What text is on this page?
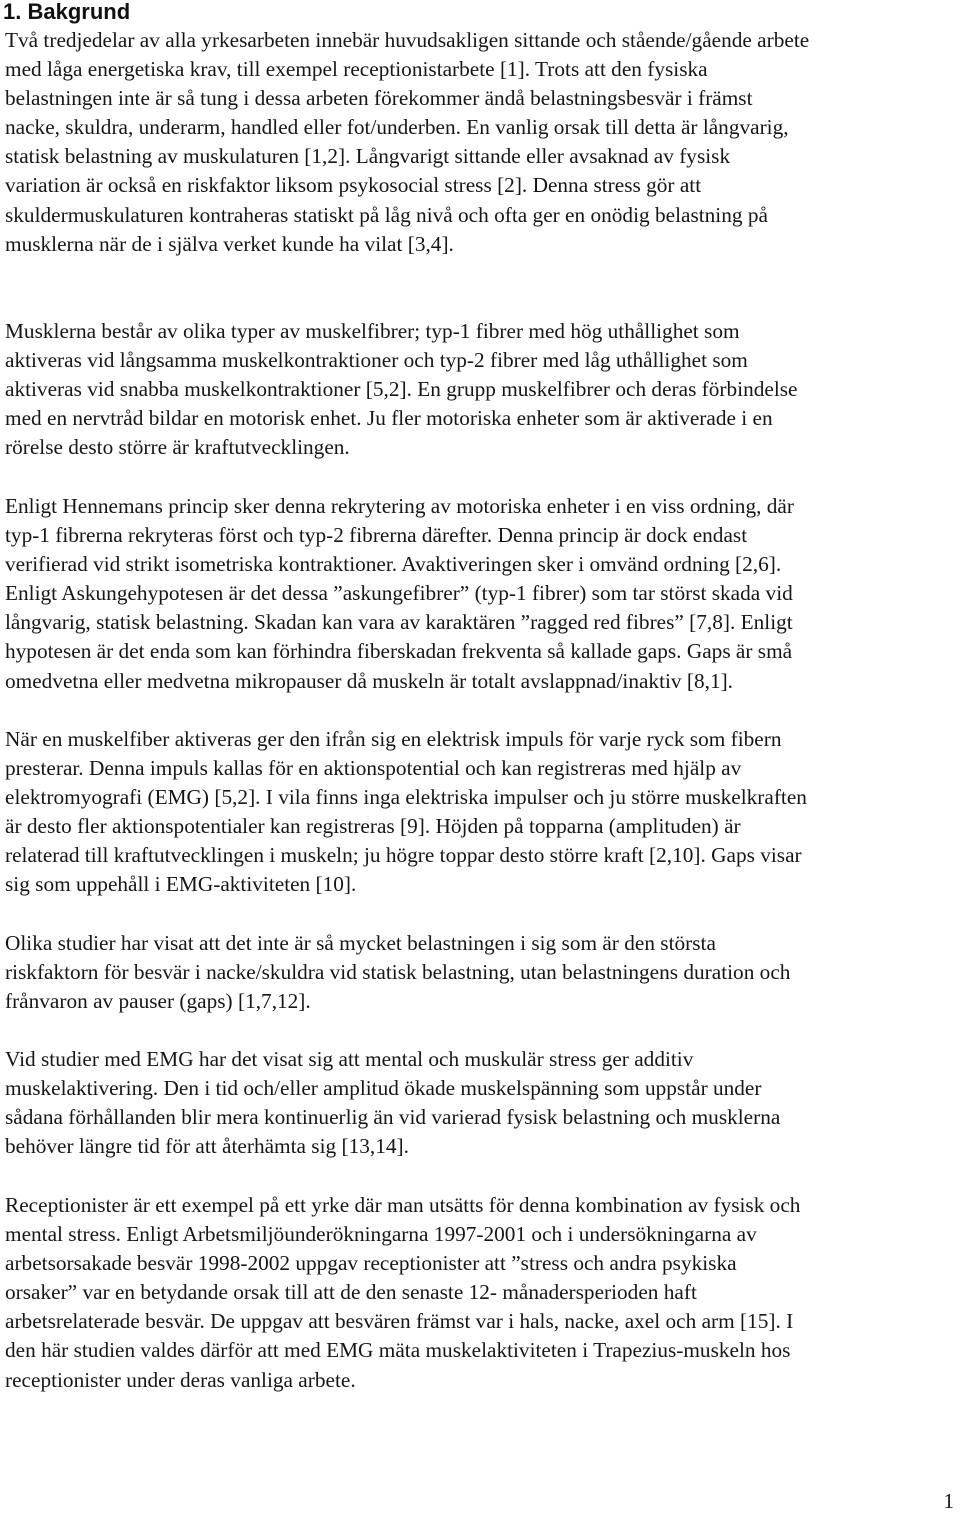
1. Bakgrund

Två tredjedelar av alla yrkesarbeten innebär huvudsakligen sittande och stående/gående arbete
med låga energetiska krav, till exempel receptionistarbete [1]. Trots att den fysiska
belastningen inte är så tung i dessa arbeten förekommer ändå belastningsbesvär i främst
nacke, skuldra, underarm, handled eller fot/underben. En vanlig orsak till detta är långvarig,
statisk belastning av muskulaturen [1,2]. Långvarigt sittande eller avsaknad av fysisk
variation är också en riskfaktor liksom psykosocial stress [2]. Denna stress gör att
skuldermuskulaturen kontraheras statiskt på låg nivå och ofta ger en onödig belastning på
musklerna när de i själva verket kunde ha vilat [3,4].

Musklerna består av olika typer av muskelfibrer; typ-1 fibrer med hög uthållighet som
aktiveras vid långsamma muskelkontraktioner och typ-2 fibrer med låg uthållighet som
aktiveras vid snabba muskelkontraktioner [5,2]. En grupp muskelfibrer och deras förbindelse
med en nervtråd bildar en motorisk enhet. Ju fler motoriska enheter som är aktiverade i en
rörelse desto större är kraftutvecklingen.

Enligt Hennemans princip sker denna rekrytering av motoriska enheter i en viss ordning, där
typ-1 fibrerna rekryteras först och typ-2 fibrerna därefter. Denna princip är dock endast
verifierad vid strikt isometriska kontraktioner. Avaktiveringen sker i omvänd ordning [2,6].
Enligt Askungehypotesen är det dessa ”askungefibrer” (typ-1 fibrer) som tar störst skada vid
långvarig, statisk belastning. Skadan kan vara av karaktären ”ragged red fibres” [7,8]. Enligt
hypotesen är det enda som kan förhindra fiberskadan frekventa så kallade gaps. Gaps är små
omedvetna eller medvetna mikropauser då muskeln är totalt avslappnad/inaktiv [8,1].

När en muskelfiber aktiveras ger den ifrån sig en elektrisk impuls för varje ryck som fibern
presterar. Denna impuls kallas för en aktionspotential och kan registreras med hjälp av
elektromyografi (EMG) [5,2]. I vila finns inga elektriska impulser och ju större muskelkraften
är desto fler aktionspotentialer kan registreras [9]. Höjden på topparna (amplituden) är
relaterad till kraftutvecklingen i muskeln; ju högre toppar desto större kraft [2,10]. Gaps visar
sig som uppehåll i EMG-aktiviteten [10].

Olika studier har visat att det inte är så mycket belastningen i sig som är den största
riskfaktorn för besvär i nacke/skuldra vid statisk belastning, utan belastningens duration och
frånvaron av pauser (gaps) [1,7,12].

Vid studier med EMG har det visat sig att mental och muskulär stress ger additiv
muskelaktivering. Den i tid och/eller amplitud ökade muskelspänning som uppstår under
sådana förhållanden blir mera kontinuerlig än vid varierad fysisk belastning och musklerna
behöver längre tid för att återhämta sig [13,14].

Receptionister är ett exempel på ett yrke där man utsätts för denna kombination av fysisk och
mental stress. Enligt Arbetsmiljöunderökningarna 1997-2001 och i undersökningarna av
arbetsorsakade besvär 1998-2002 uppgav receptionister att ”stress och andra psykiska
orsaker” var en betydande orsak till att de den senaste 12- månadersperioden haft
arbetsrelaterade besvär. De uppgav att besvären främst var i hals, nacke, axel och arm [15]. I
den här studien valdes därför att med EMG mäta muskelaktiviteten i Trapezius-muskeln hos
receptionister under deras vanliga arbete.

1
